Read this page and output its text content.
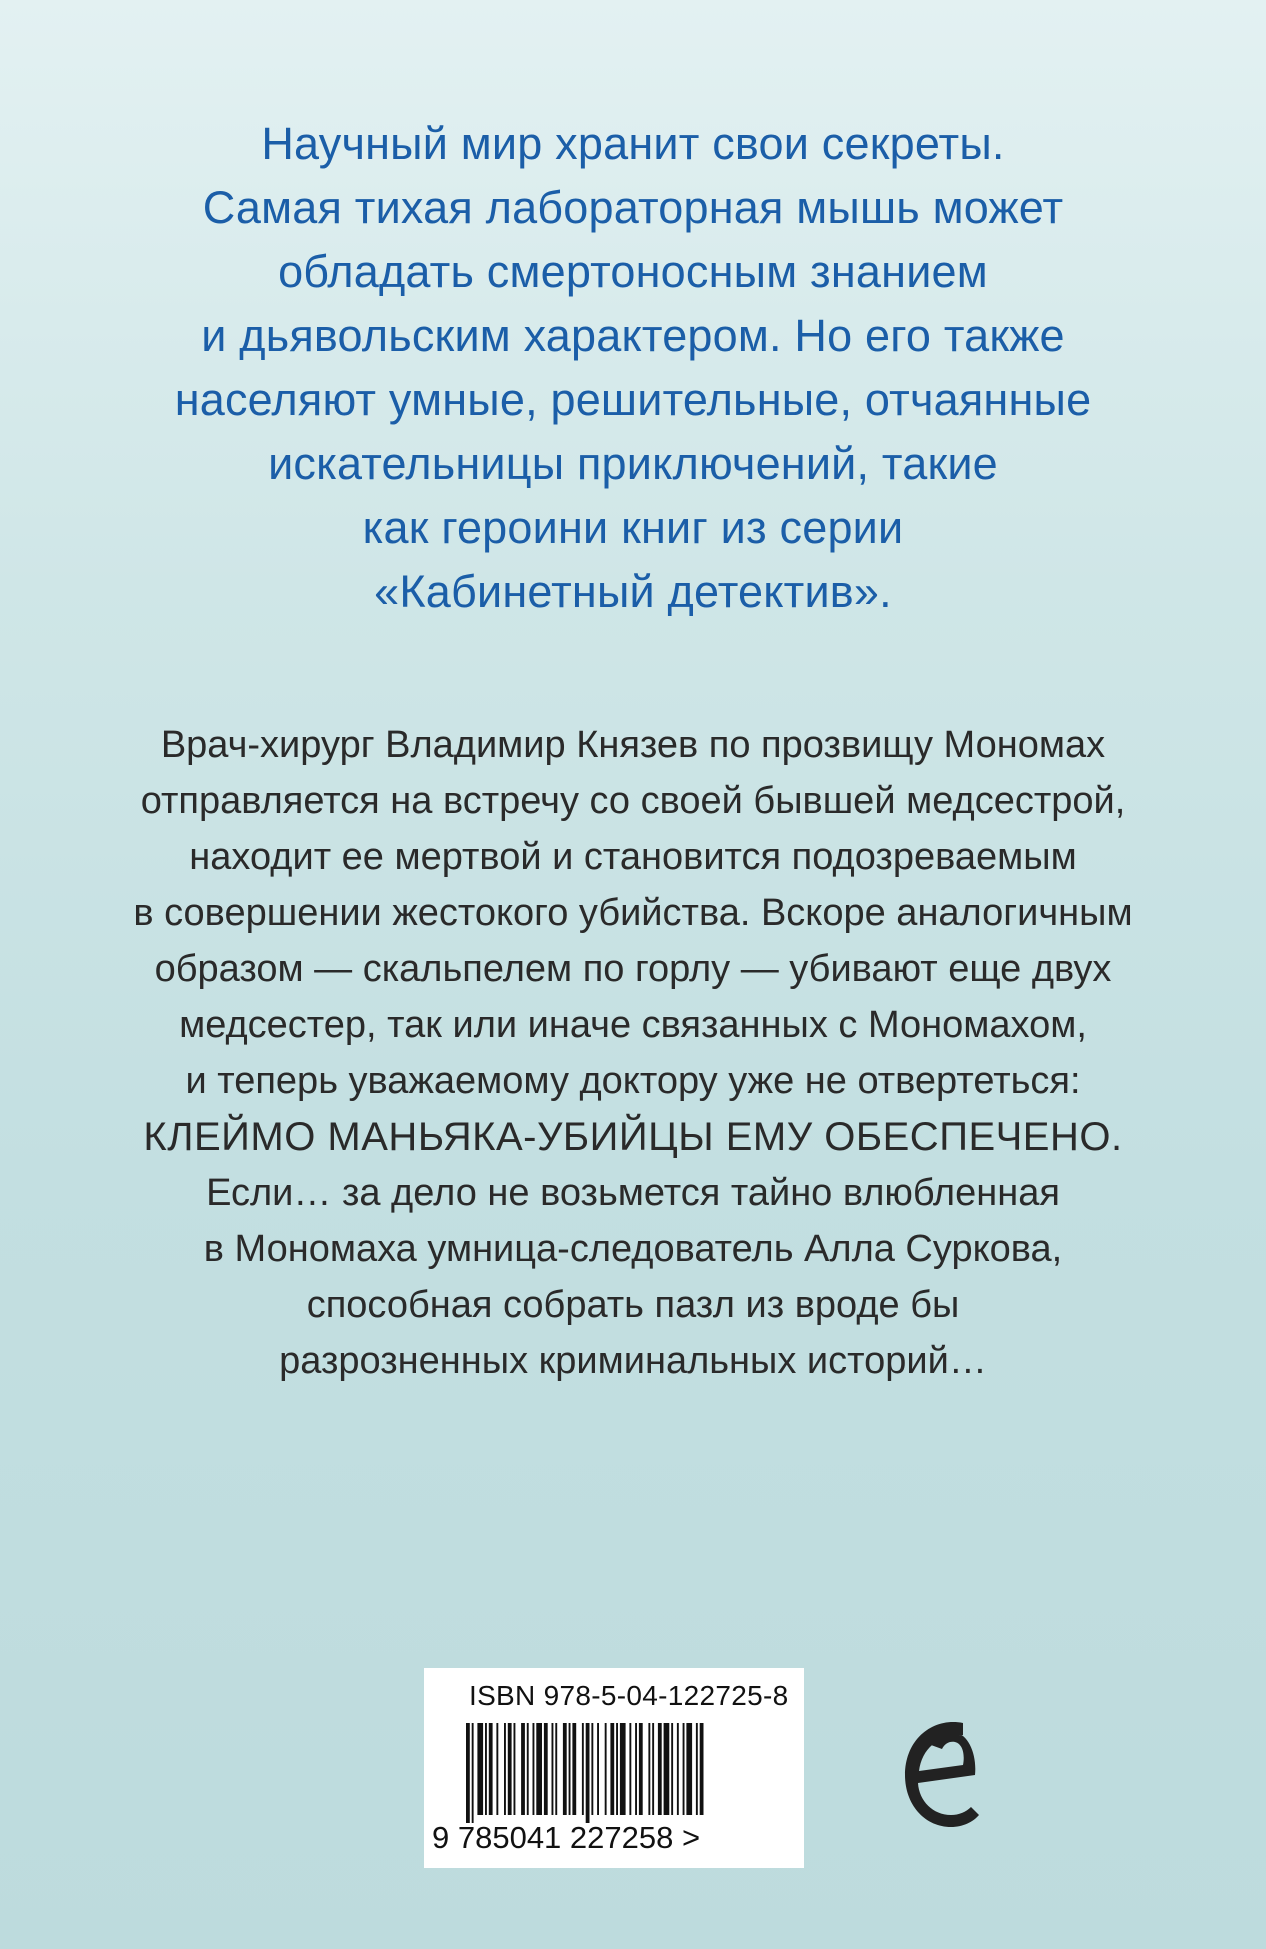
Научный мир хранит свои секреты.
Самая тихая лабораторная мышь может
обладать смертоносным знанием
и дьявольским характером. Но его также
населяют умные, решительные, отчаянные
искательницы приключений, такие
как героини книг из серии
«Кабинетный детектив».
Врач-хирург Владимир Князев по прозвищу Мономах
отправляется на встречу со своей бывшей медсестрой,
находит ее мертвой и становится подозреваемым
в совершении жестокого убийства. Вскоре аналогичным
образом — скальпелем по горлу — убивают еще двух
медсестер, так или иначе связанных с Мономахом,
и теперь уважаемому доктору уже не отвертеться:
КЛЕЙМО МАНЬЯКА-УБИЙЦЫ ЕМУ ОБЕСПЕЧЕНО.
Если… за дело не возьмется тайно влюбленная
в Мономаха умница-следователь Алла Суркова,
способная собрать пазл из вроде бы
разрозненных криминальных историй…
ISBN 978-5-04-122725-8
9 785041 227258 >
